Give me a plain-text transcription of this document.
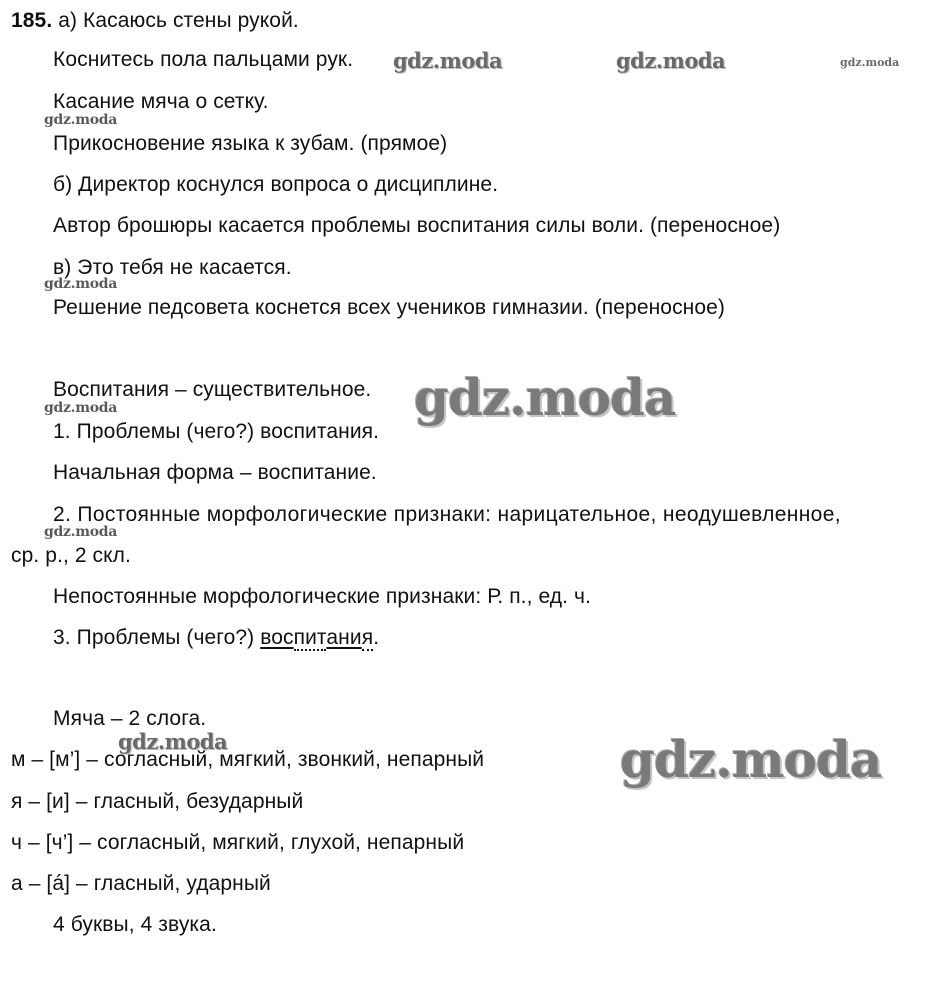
185. а) Касаюсь стены рукой.
Коснитесь пола пальцами рук.
Касание мяча о сетку.
Прикосновение языка к зубам. (прямое)
б) Директор коснулся вопроса о дисциплине.
Автор брошюры касается проблемы воспитания силы воли. (переносное)
в) Это тебя не касается.
Решение педсовета коснется всех учеников гимназии. (переносное)
Воспитания – существительное.
1. Проблемы (чего?) воспитания.
Начальная форма – воспитание.
2. Постоянные морфологические признаки: нарицательное, неодушевленное,
ср. р., 2 скл.
Непостоянные морфологические признаки: Р. п., ед. ч.
3. Проблемы (чего?) воспитания.
Мяча – 2 слога.
м – [м’] – согласный, мягкий, звонкий, непарный
я – [и] – гласный, безударный
ч – [ч’] – согласный, мягкий, глухой, непарный
а – [á] – гласный, ударный
4 буквы, 4 звука.
gdz.moda	gdz.moda	gdz.moda
gdz.moda
gdz.moda
gdz.moda
gdz.moda
gdz.moda
gdz.moda	gdz.moda
